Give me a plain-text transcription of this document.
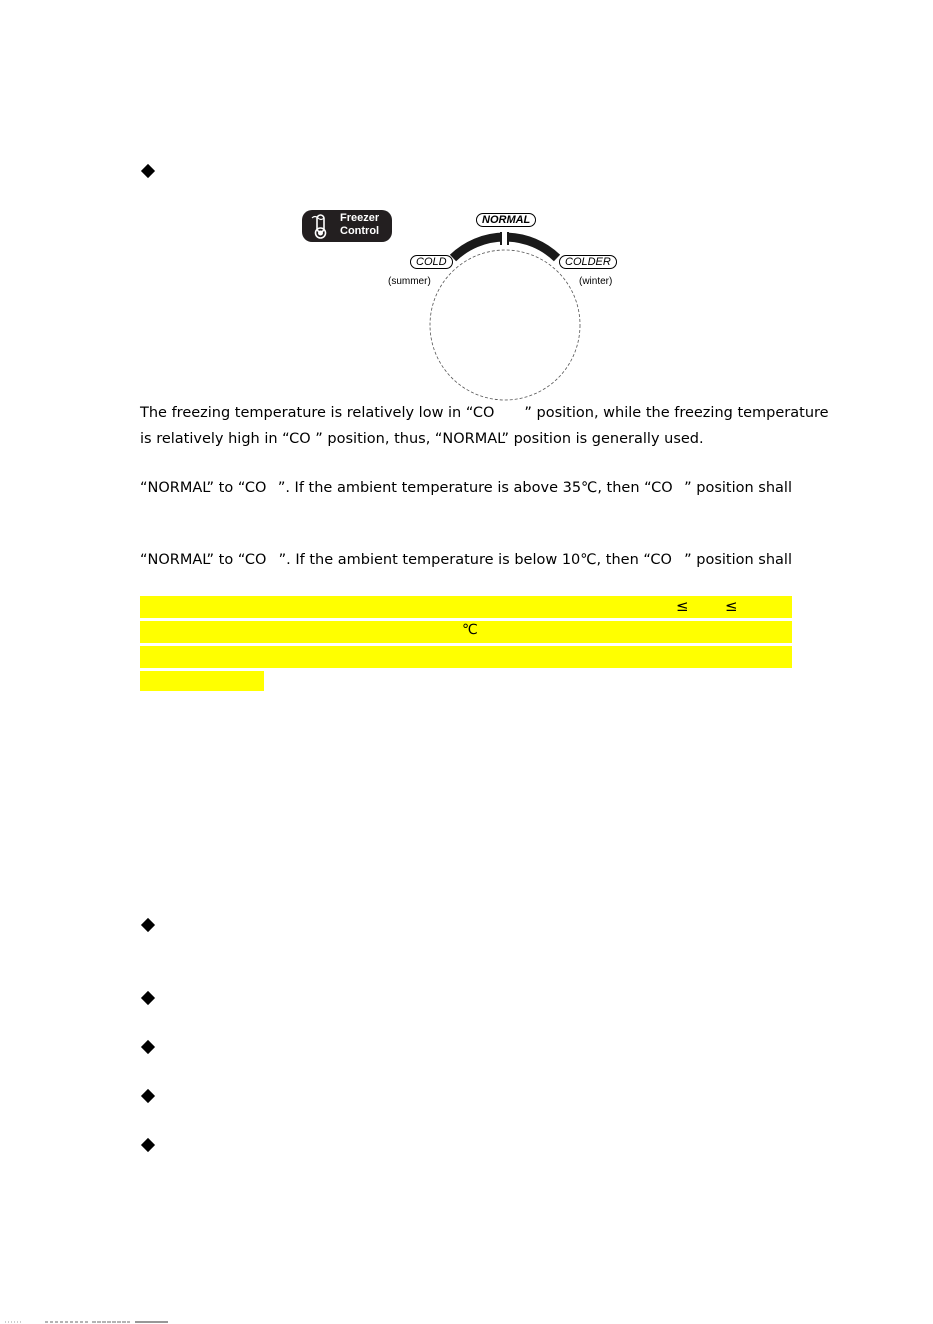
Freezer
Control
NORMAL
COLD
(summer)
COLDER
(winter)
The freezing temperature is relatively low in “CO	” position, while the freezing temperature
is relatively high in “CO ” position, thus, “NORMAL” position is generally used.
“NORMAL” to “CO ”. If the ambient temperature is above 35℃, then “CO ” position shall
“NORMAL” to “CO ”. If the ambient temperature is below 10℃, then “CO ” position shall
≤ ≤
℃
